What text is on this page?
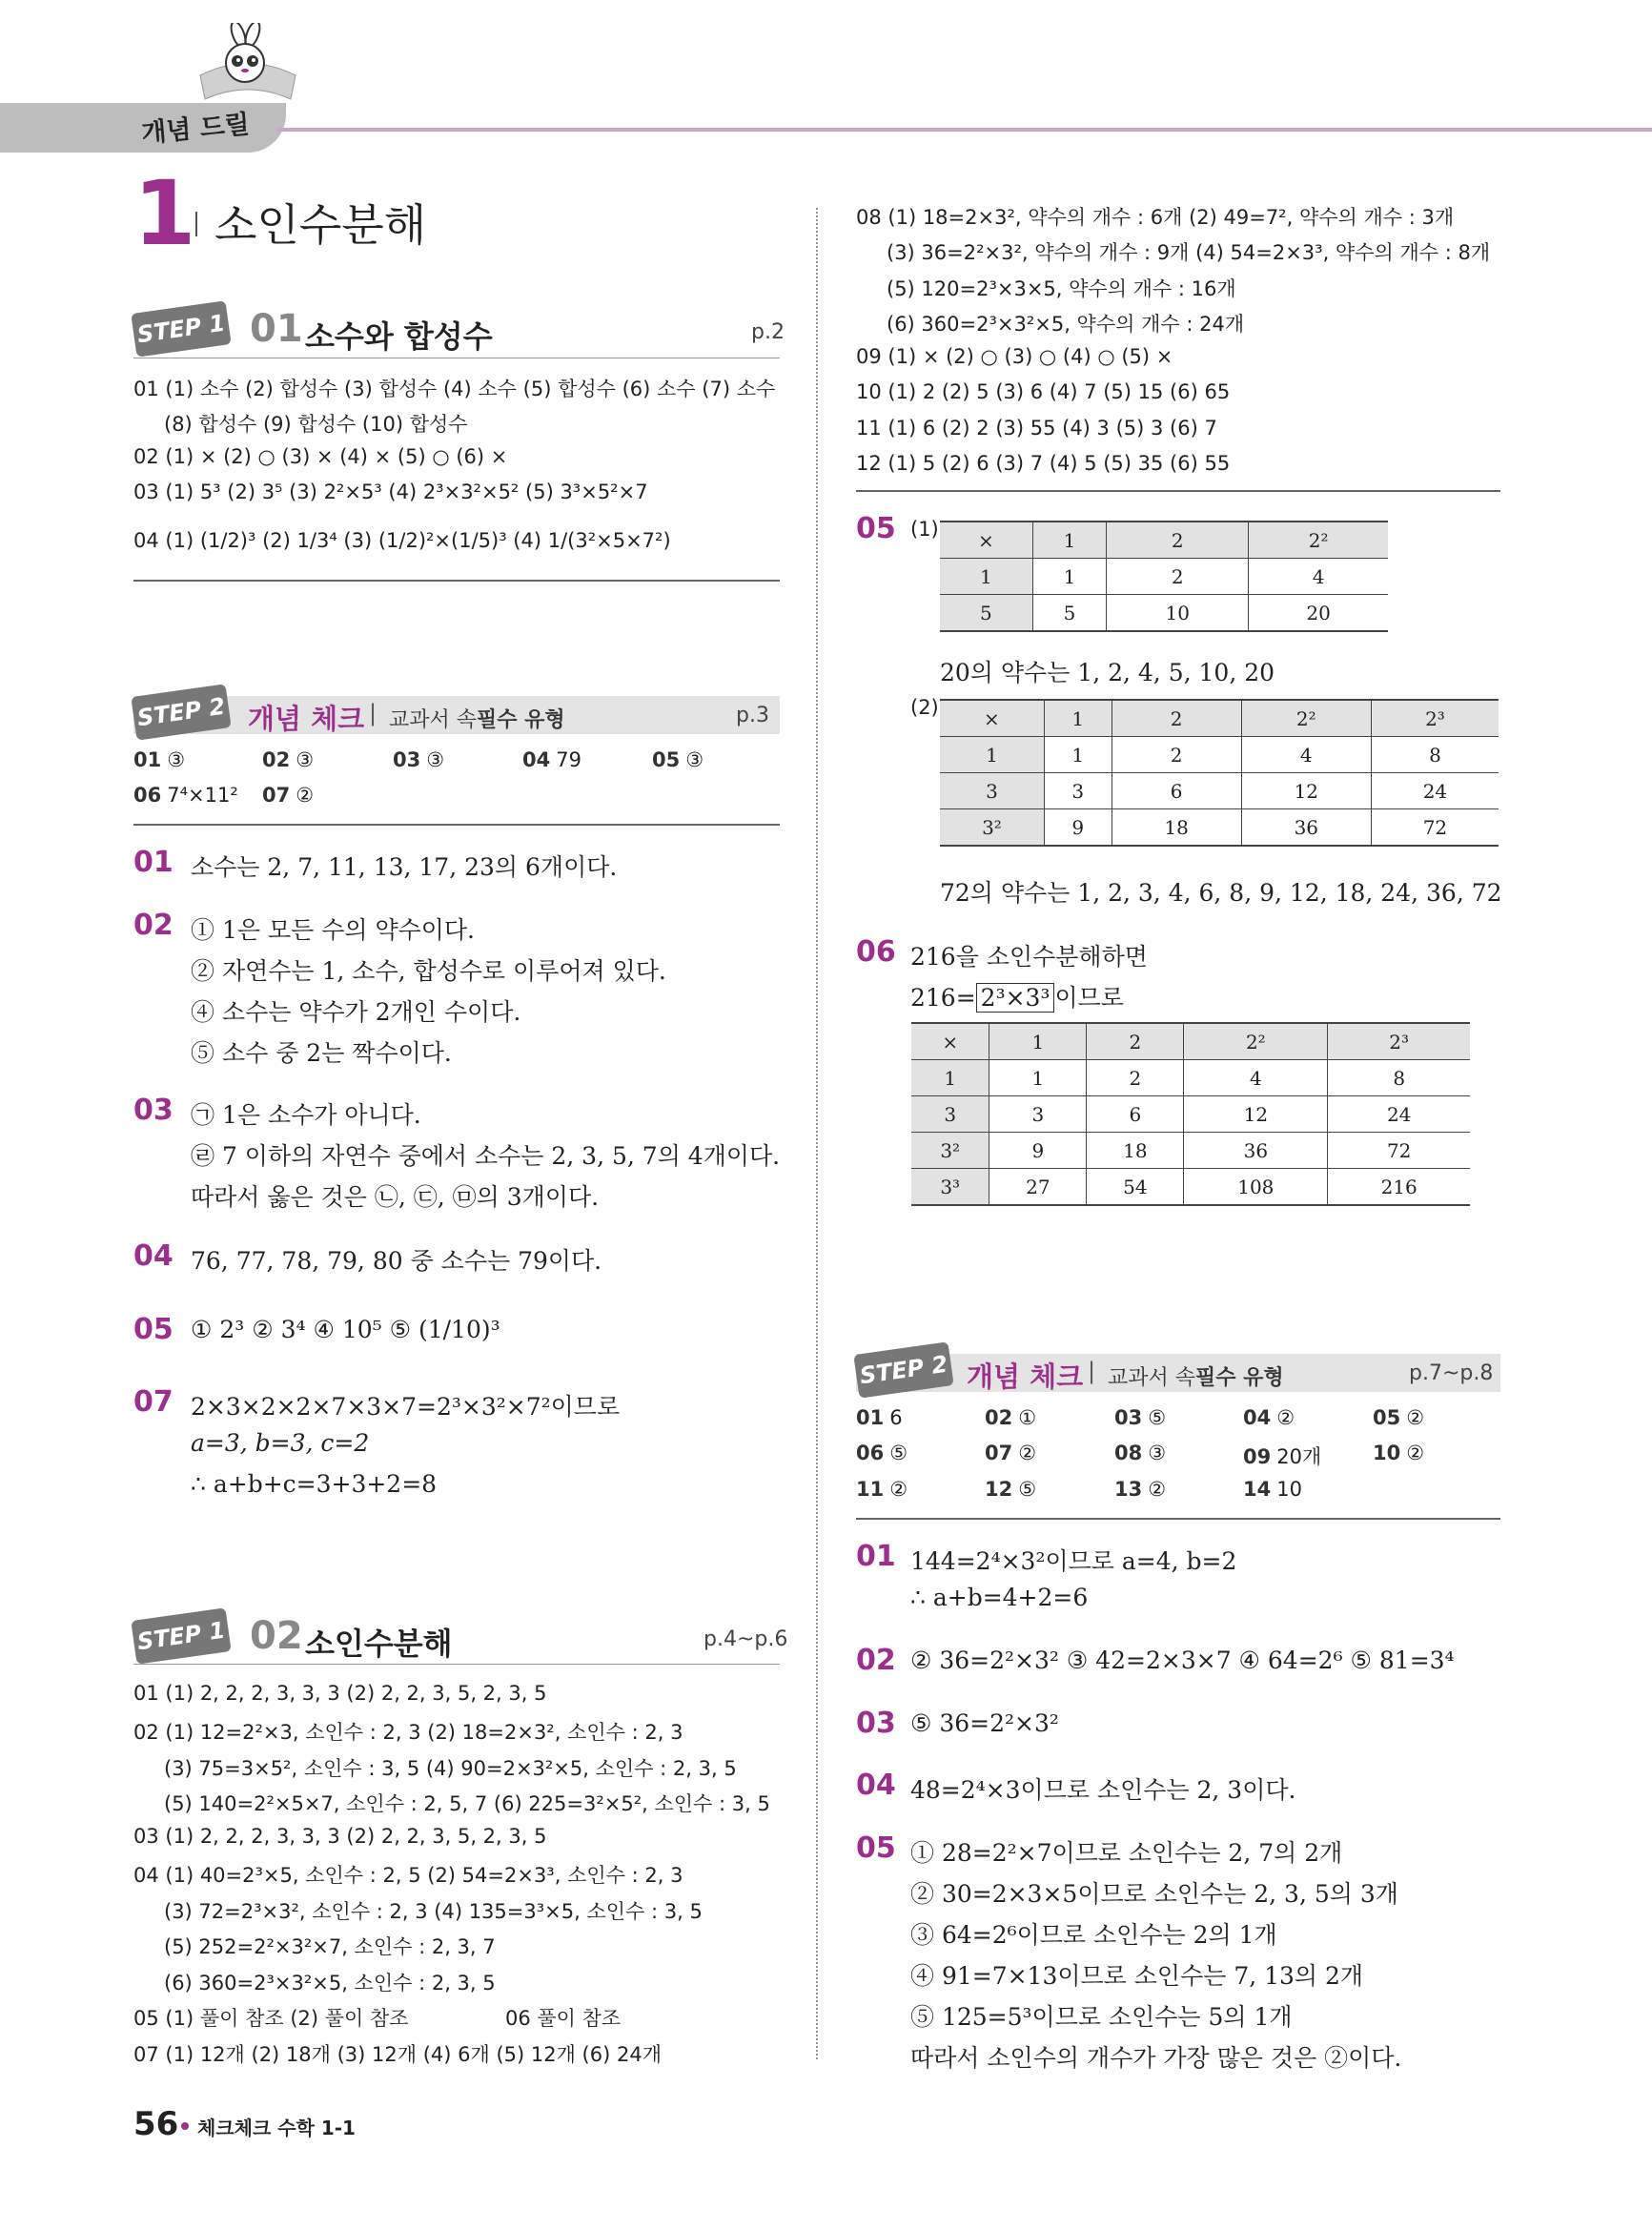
개념 드릴
1 소인수분해
STEP 1 01 소수와 합성수	p.2
01 (1) 소수 (2) 합성수 (3) 합성수 (4) 소수 (5) 합성수 (6) 소수 (7) 소수
(8) 합성수 (9) 합성수 (10) 합성수
02 (1) × (2) ○ (3) × (4) × (5) ○ (6) ×
03 (1) 5³ (2) 3⁵ (3) 2²×5³ (4) 2³×3²×5² (5) 3³×5²×7
04 (1) (1/2)³ (2) 1/3⁴ (3) (1/2)²×(1/5)³ (4) 1/(3²×5×7²)
STEP 2 개념 체크 | 교과서 속 필수 유형	p.3
01 ③	02 ③	03 ③	04 79	05 ③
06 7⁴×11² 07 ②
01 소수는 2, 7, 11, 13, 17, 23의 6개이다.
02 ① 1은 모든 수의 약수이다.
② 자연수는 1, 소수, 합성수로 이루어져 있다.
④ 소수는 약수가 2개인 수이다.
⑤ 소수 중 2는 짝수이다.
03 ㉠ 1은 소수가 아니다.
㉣ 7 이하의 자연수 중에서 소수는 2, 3, 5, 7의 4개이다.
따라서 옳은 것은 ㉡, ㉢, ㉤의 3개이다.
04 76, 77, 78, 79, 80 중 소수는 79이다.
05 ① 2³ ② 3⁴ ④ 10⁵ ⑤ (1/10)³
07 2×3×2×2×7×3×7=2³×3²×7²이므로
a=3, b=3, c=2
∴ a+b+c=3+3+2=8
STEP 1 02 소인수분해	p.4~p.6
01 (1) 2, 2, 2, 3, 3, 3 (2) 2, 2, 3, 5, 2, 3, 5
02 (1) 12=2²×3, 소인수 : 2, 3 (2) 18=2×3², 소인수 : 2, 3
(3) 75=3×5², 소인수 : 3, 5 (4) 90=2×3²×5, 소인수 : 2, 3, 5
(5) 140=2²×5×7, 소인수 : 2, 5, 7 (6) 225=3²×5², 소인수 : 3, 5
03 (1) 2, 2, 2, 3, 3, 3 (2) 2, 2, 3, 5, 2, 3, 5
04 (1) 40=2³×5, 소인수 : 2, 5 (2) 54=2×3³, 소인수 : 2, 3
(3) 72=2³×3², 소인수 : 2, 3 (4) 135=3³×5, 소인수 : 3, 5
(5) 252=2²×3²×7, 소인수 : 2, 3, 7
(6) 360=2³×3²×5, 소인수 : 2, 3, 5
05 (1) 풀이 참조 (2) 풀이 참조	06 풀이 참조
07 (1) 12개 (2) 18개 (3) 12개 (4) 6개 (5) 12개 (6) 24개
08 (1) 18=2×3², 약수의 개수 : 6개 (2) 49=7², 약수의 개수 : 3개
(3) 36=2²×3², 약수의 개수 : 9개 (4) 54=2×3³, 약수의 개수 : 8개
(5) 120=2³×3×5, 약수의 개수 : 16개
(6) 360=2³×3²×5, 약수의 개수 : 24개
09 (1) × (2) ○ (3) ○ (4) ○ (5) ×
10 (1) 2 (2) 5 (3) 6 (4) 7 (5) 15 (6) 65
11 (1) 6 (2) 2 (3) 55 (4) 3 (5) 3 (6) 7
12 (1) 5 (2) 6 (3) 7 (4) 5 (5) 35 (6) 55
05 (1) ×	1	2	2²
1	1	2	4
5	5	10	20
20의 약수는 1, 2, 4, 5, 10, 20
(2) ×	1	2	2²	2³
1	1	2	4	8
3	3	6	12	24
3²	9	18	36	72
72의 약수는 1, 2, 3, 4, 6, 8, 9, 12, 18, 24, 36, 72
06 216을 소인수분해하면
216= 2³×3³ 이므로
×	1	2	2²	2³
1	1	2	4	8
3	3	6	12	24
3²	9	18	36	72
3³	27	54	108	216
STEP 2 개념 체크 | 교과서 속 필수 유형	p.7~p.8
01 6	02 ①	03 ⑤	04 ②	05 ②
06 ⑤	07 ②	08 ③	09 20개	10 ②
11 ②	12 ⑤	13 ②	14 10
01 144=2⁴×3²이므로 a=4, b=2
∴ a+b=4+2=6
02 ② 36=2²×3² ③ 42=2×3×7 ④ 64=2⁶ ⑤ 81=3⁴
03 ⑤ 36=2²×3²
04 48=2⁴×3이므로 소인수는 2, 3이다.
05 ① 28=2²×7이므로 소인수는 2, 7의 2개
② 30=2×3×5이므로 소인수는 2, 3, 5의 3개
③ 64=2⁶이므로 소인수는 2의 1개
④ 91=7×13이므로 소인수는 7, 13의 2개
⑤ 125=5³이므로 소인수는 5의 1개
따라서 소인수의 개수가 가장 많은 것은 ②이다.
56 체크체크 수학 1-1
